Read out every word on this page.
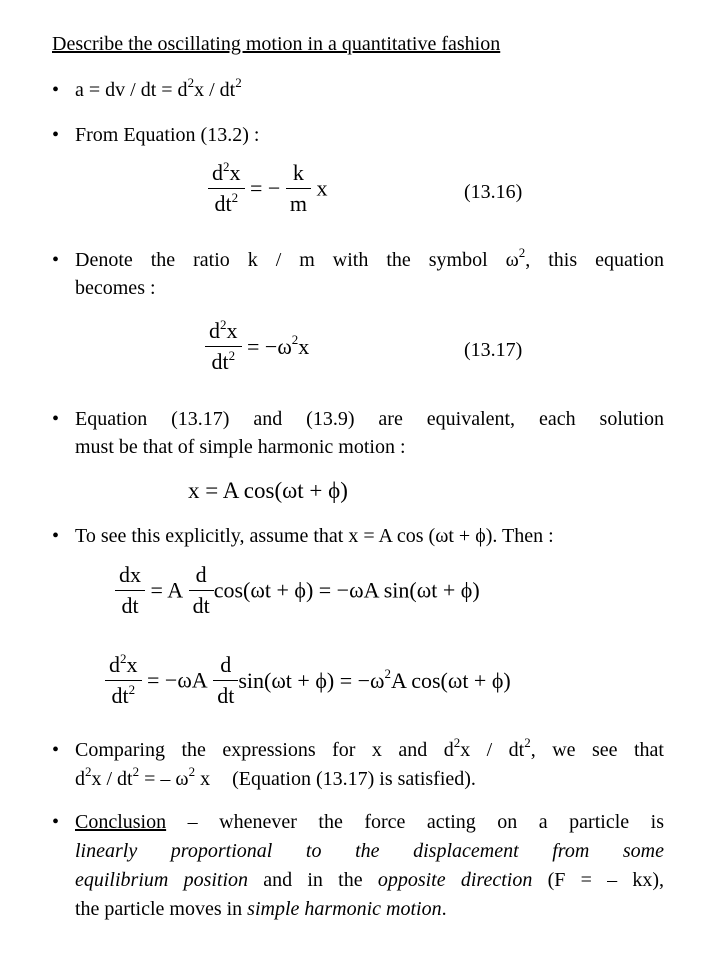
Describe the oscillating motion in a quantitative fashion
• a = dv / dt = $d^2x / dt^2$
• From Equation (13.2) :
$\frac{d^2x}{dt^2}$ = − $\frac{k}{m}$ x	(13.16)
• Denote the ratio k / m with the symbol $\omega^2$, this equation
becomes :
$\frac{d^2x}{dt^2} = -\omega^2x$	(13.17)
• Equation (13.17) and (13.9) are equivalent, each solution
must be that of simple harmonic motion :
x = A cos(ωt + ϕ)
• To see this explicitly, assume that x = A cos (ωt + ϕ). Then :
$\frac{dx}{dt} = A \frac{d}{dt} \cos(\omega t + \phi) = -\omega A$ sin(ωt + ϕ)
$\frac{d^2x}{dt^2} = -\omega A \frac{d}{dt} \sin(\omega t + \phi) = -\omega^2A$ cos(ωt + ϕ)
• Comparing the expressions for x and $d^2x / dt^2$, we see that
$d^2x / dt^2$ = – $\omega^2$ x (Equation (13.17) is satisfied).
• Conclusion – whenever the force acting on a particle is
linearly proportional to the displacement from some
equilibrium position and in the opposite direction (F = – kx),
the particle moves in simple harmonic motion.
